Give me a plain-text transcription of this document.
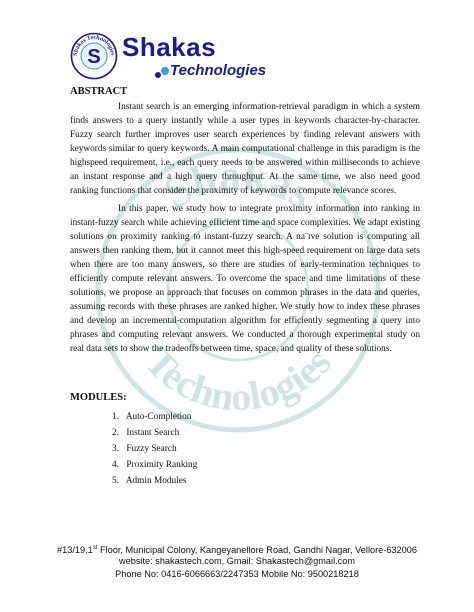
Shakas Technologies
S Shakas
Technologies
Shakas
Technologies
ABSTRACT

Instant search is an emerging information-retrieval paradigm in which a system finds answers to a query instantly while a user types in keywords character-by-character. Fuzzy search further improves user search experiences by finding relevant answers with keywords similar to query keywords. A main computational challenge in this paradigm is the highspeed requirement, i.e., each query needs to be answered within milliseconds to achieve an instant response and a high query throughput. At the same time, we also need good ranking functions that consider the proximity of keywords to compute relevance scores.

In this paper, we study how to integrate proximity information into ranking in instant-fuzzy search while achieving efficient time and space complexities. We adapt existing solutions on proximity ranking to instant-fuzzy search. A na¨ıve solution is computing all answers then ranking them, but it cannot meet this high-speed requirement on large data sets when there are too many answers, so there are studies of early-termination techniques to efficiently compute relevant answers. To overcome the space and time limitations of these solutions, we propose an approach that focuses on common phrases in the data and queries, assuming records with these phrases are ranked higher. We study how to index these phrases and develop an incremental-computation algorithm for efficiently segmenting a query into phrases and computing relevant answers. We conducted a thorough experimental study on real data sets to show the tradeoffs between time, space, and quality of these solutions.

MODULES:
1. Auto-Completion
2. Instant Search
3. Fuzzy Search
4. Proximity Ranking
5. Admin Modules
#13/19,1st Floor, Municipal Colony, Kangeyanellore Road, Gandhi Nagar, Vellore-632006
website: shakastech.com, Gmail: Shakastech@gmail.com
Phone No: 0416-6066663/2247353 Mobile No: 9500218218
